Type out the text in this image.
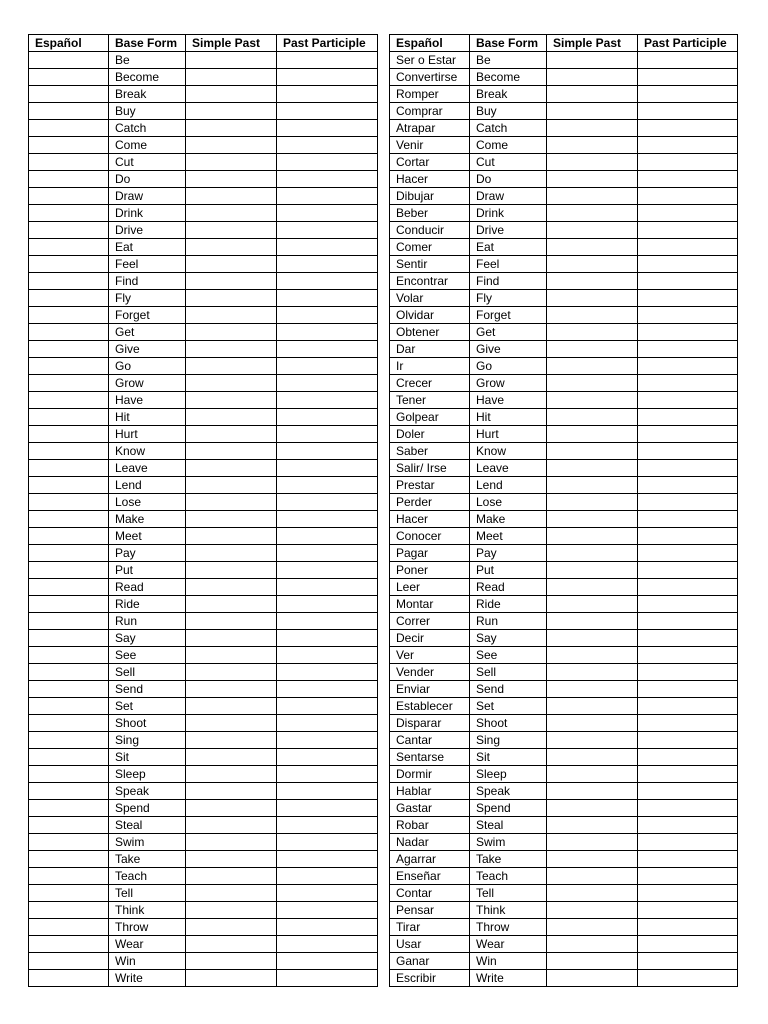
Español	Base Form	Simple Past	Past Participle
	Be		
	Become		
	Break		
	Buy		
	Catch		
	Come		
	Cut		
	Do		
	Draw		
	Drink		
	Drive		
	Eat		
	Feel		
	Find		
	Fly		
	Forget		
	Get		
	Give		
	Go		
	Grow		
	Have		
	Hit		
	Hurt		
	Know		
	Leave		
	Lend		
	Lose		
	Make		
	Meet		
	Pay		
	Put		
	Read		
	Ride		
	Run		
	Say		
	See		
	Sell		
	Send		
	Set		
	Shoot		
	Sing		
	Sit		
	Sleep		
	Speak		
	Spend		
	Steal		
	Swim		
	Take		
	Teach		
	Tell		
	Think		
	Throw		
	Wear		
	Win		
	Write		
Español	Base Form	Simple Past	Past Participle
Ser o Estar	Be		
Convertirse	Become		
Romper	Break		
Comprar	Buy		
Atrapar	Catch		
Venir	Come		
Cortar	Cut		
Hacer	Do		
Dibujar	Draw		
Beber	Drink		
Conducir	Drive		
Comer	Eat		
Sentir	Feel		
Encontrar	Find		
Volar	Fly		
Olvidar	Forget		
Obtener	Get		
Dar	Give		
Ir	Go		
Crecer	Grow		
Tener	Have		
Golpear	Hit		
Doler	Hurt		
Saber	Know		
Salir/ Irse	Leave		
Prestar	Lend		
Perder	Lose		
Hacer	Make		
Conocer	Meet		
Pagar	Pay		
Poner	Put		
Leer	Read		
Montar	Ride		
Correr	Run		
Decir	Say		
Ver	See		
Vender	Sell		
Enviar	Send		
Establecer	Set		
Disparar	Shoot		
Cantar	Sing		
Sentarse	Sit		
Dormir	Sleep		
Hablar	Speak		
Gastar	Spend		
Robar	Steal		
Nadar	Swim		
Agarrar	Take		
Enseñar	Teach		
Contar	Tell		
Pensar	Think		
Tirar	Throw		
Usar	Wear		
Ganar	Win		
Escribir	Write		
